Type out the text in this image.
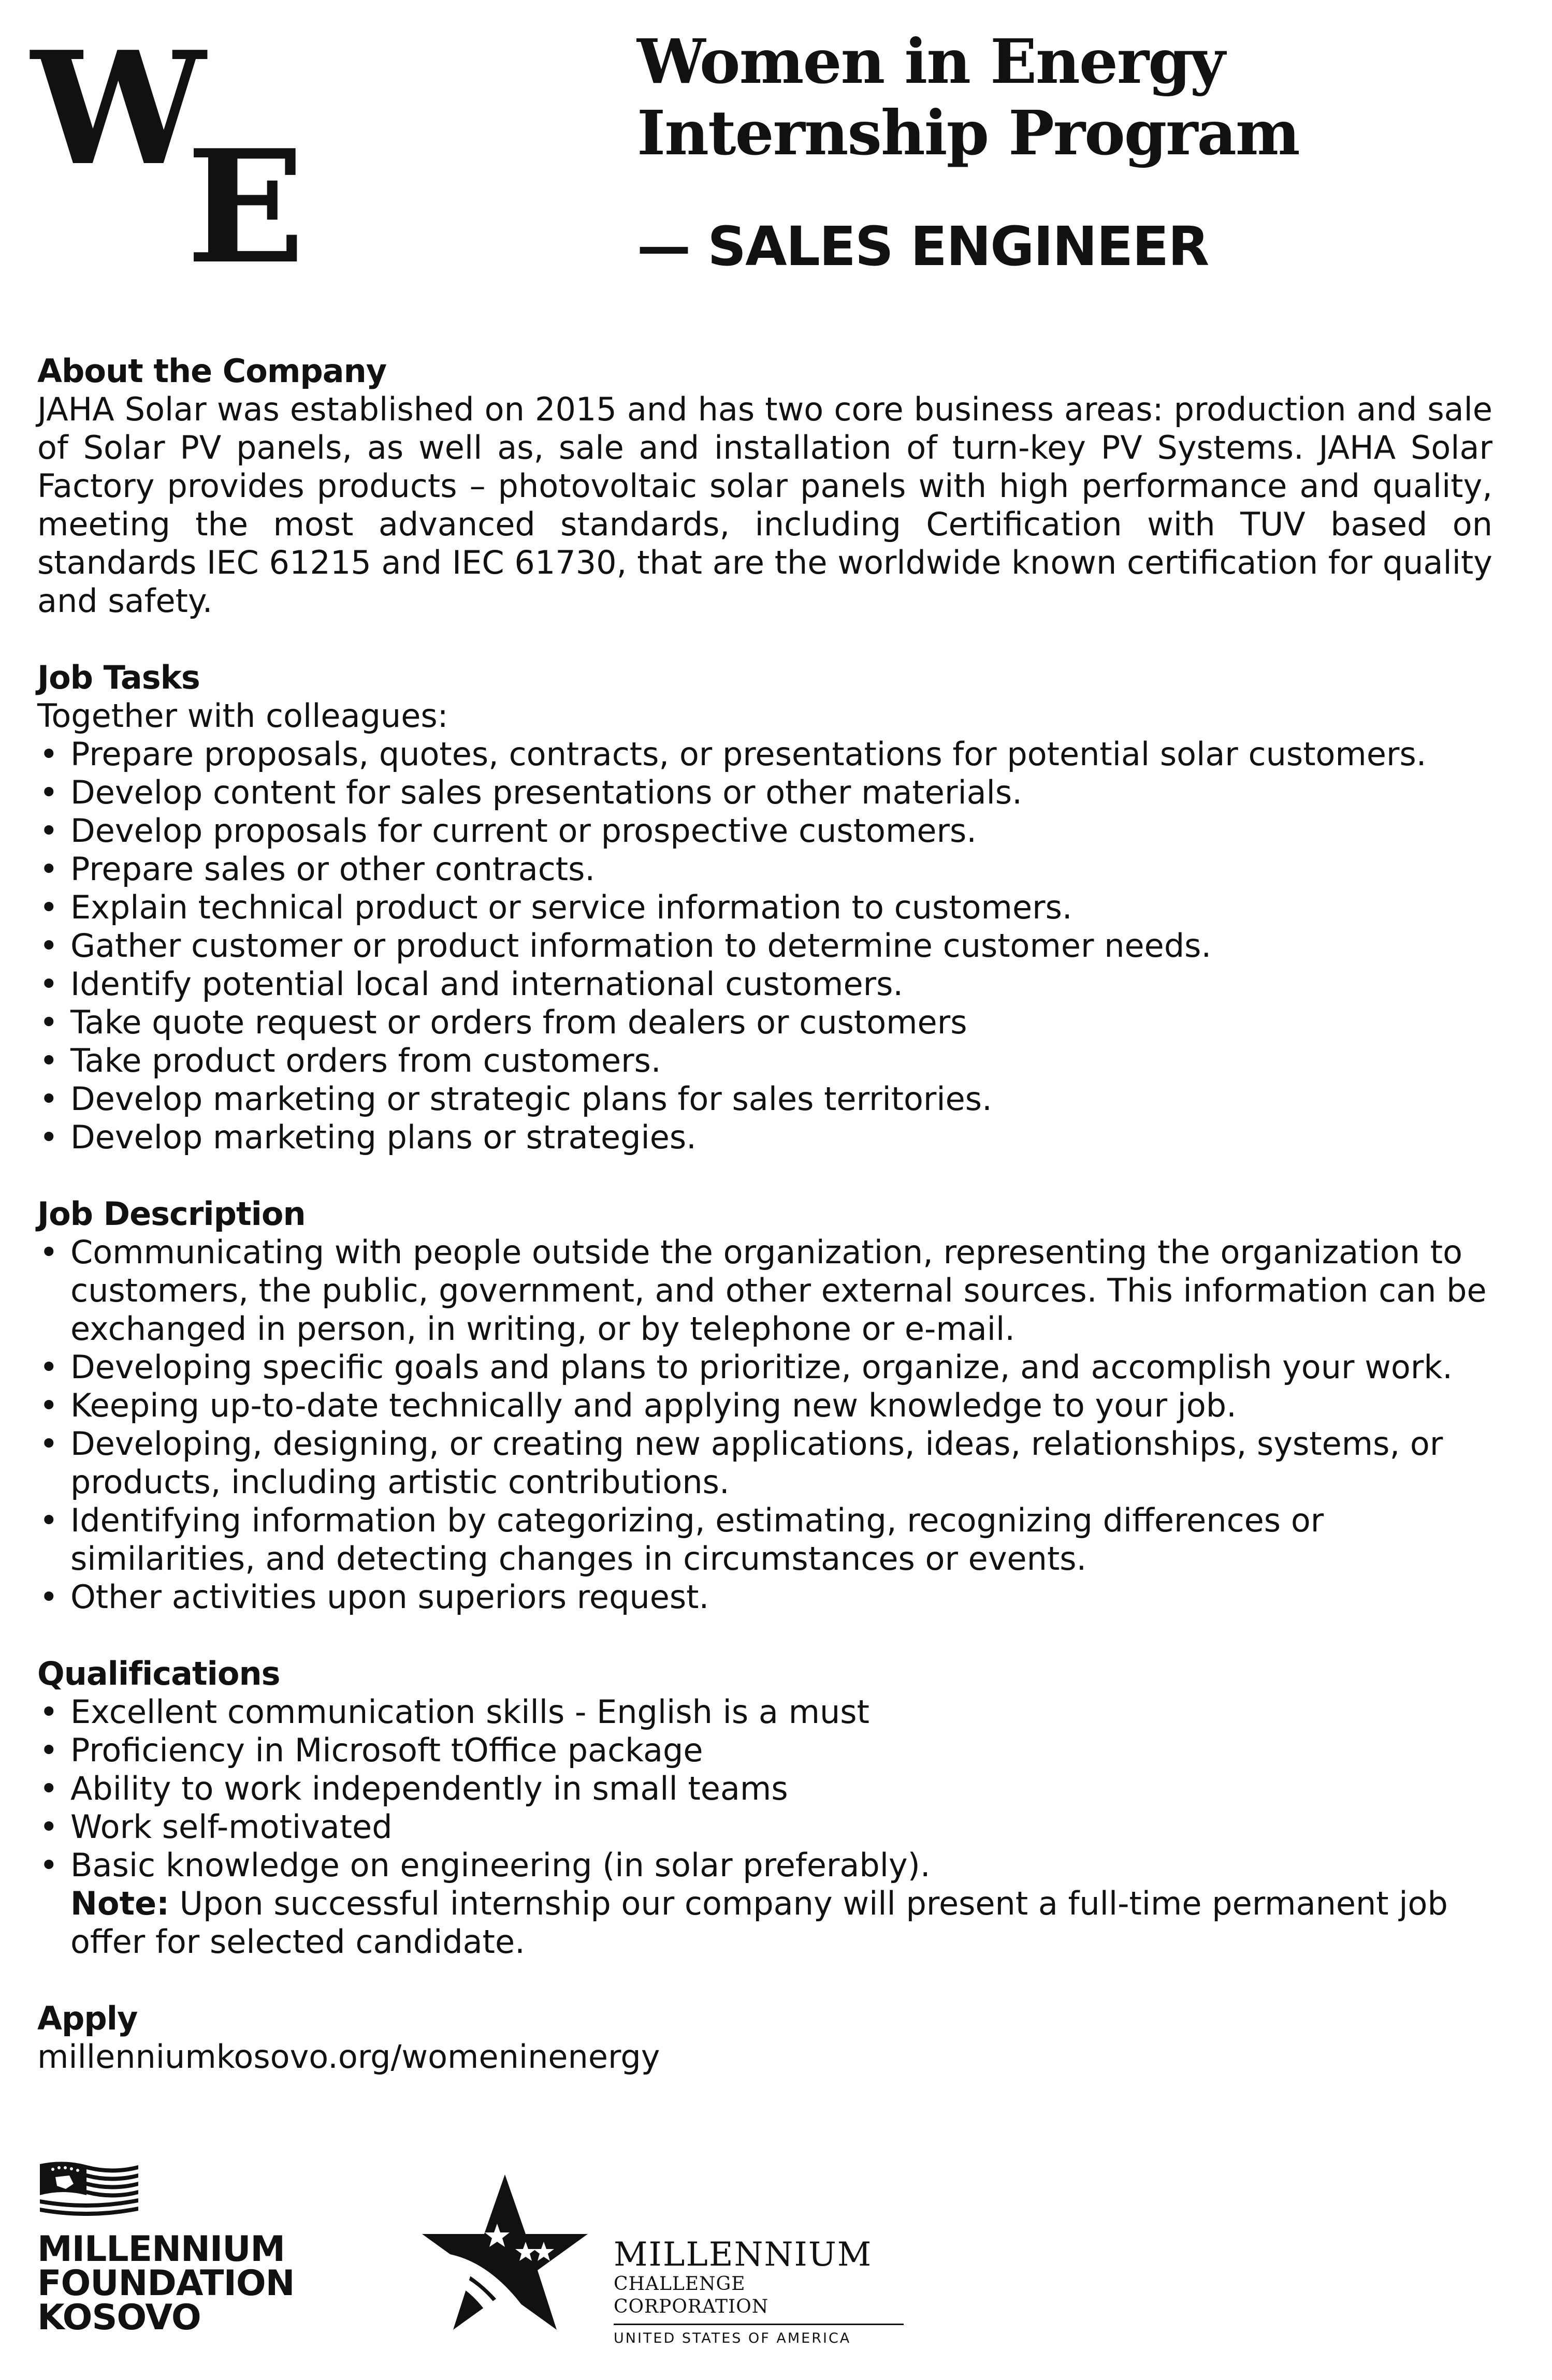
W
E
Women in Energy
Internship Program
— SALES ENGINEER
About the Company
JAHA Solar was established on 2015 and has two core business areas: production and sale of Solar PV panels, as well as, sale and installation of turn-key PV Systems. JAHA Solar Factory provides products – photovoltaic solar panels with high performance and quality, meeting the most advanced standards, including Certification with TUV based on standards IEC 61215 and IEC 61730, that are the worldwide known certification for quality and safety.
Job Tasks
Together with colleagues:
• Prepare proposals, quotes, contracts, or presentations for potential solar customers.
• Develop content for sales presentations or other materials.
• Develop proposals for current or prospective customers.
• Prepare sales or other contracts.
• Explain technical product or service information to customers.
• Gather customer or product information to determine customer needs.
• Identify potential local and international customers.
• Take quote request or orders from dealers or customers
• Take product orders from customers.
• Develop marketing or strategic plans for sales territories.
• Develop marketing plans or strategies.
Job Description
• Communicating with people outside the organization, representing the organization to customers, the public, government, and other external sources. This information can be exchanged in person, in writing, or by telephone or e-mail.
• Developing specific goals and plans to prioritize, organize, and accomplish your work.
• Keeping up-to-date technically and applying new knowledge to your job.
• Developing, designing, or creating new applications, ideas, relationships, systems, or products, including artistic contributions.
• Identifying information by categorizing, estimating, recognizing differences or similarities, and detecting changes in circumstances or events.
• Other activities upon superiors request.
Qualifications
• Excellent communication skills - English is a must
• Proficiency in Microsoft tOffice package
• Ability to work independently in small teams
• Work self-motivated
• Basic knowledge on engineering (in solar preferably).
Note: Upon successful internship our company will present a full-time permanent job offer for selected candidate.
Apply
millenniumkosovo.org/womeninenergy
MILLENNIUM
FOUNDATION
KOSOVO
MILLENNIUM
CHALLENGE CORPORATION
UNITED STATES OF AMERICA
